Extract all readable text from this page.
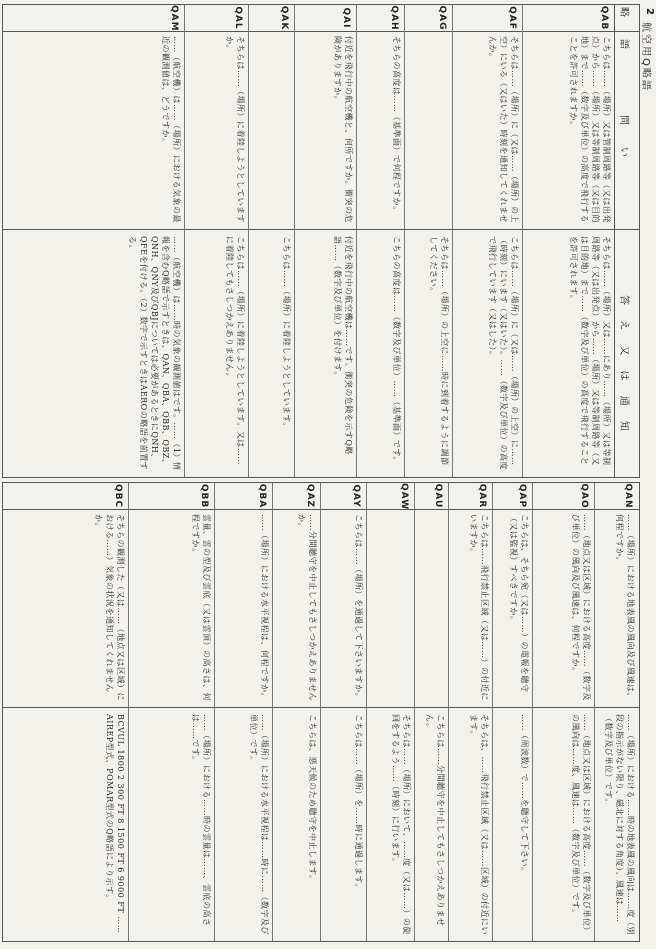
2
航空用Q略語
略　語
問　い
答 え 又 は 通 知
QAB
こちらは……（場所）又は管制周路等（又は出発点）から……（場所）又は等制周路等（又は目的地）まで……（数字及び単位）の高度で飛行することを許可されますか。
そちらは……（場所）又は……にあり……（場所）又は等制周路等（又は出発点）から……（場所）又は等制周路等（又は目的地）まで……（数字及び単位）の高度で飛行することを許可されます。
QAF
そちらは……（場所）に（又は……（場所）の上空）にいる（又はいた）時刻を通知してくれませんか。
こちらは……（場所）に（又は……（場所）の上空）に……（時刻）にいます（又はいた）。……（数字及び単位）の高度で飛行しています（又はした）。
QAG
そちらは……（場所）の上空に……時に到着するように調節してください。
QAH
そちらの高度は……（基準面）で何程ですか。
こちらの高度は……（数字及び単位）……（基準面）です。
QAI
付近を飛行中の航空機と、何所ですか。衝突の危険がありますか。
付近を飛行中の航空機は……です。衝突の危険を示すQ略語……（数字及び単位）を付けます。
QAK
こちらは……（場所）に着陸しようとしています。
QAL
そちらは……（場所）に着陸しようとしていますか。
こちらは……（場所）に着陸しようとしています。又は……に着陸してもさしつかえありません。
QAM
……（航空機）は……（場所）における気象の最近の観測値は、どうですか。
……（航空機）は……時の気象の観測値はです。……（1）情報を含むQ略語で示すときは、QAN、QBA、QBB、QBZ、QNH、QNY及びQBJについては必要があるときにQNH、QFEを付ける。（2）数字で示すときはAEROの略語を前置する。
QAN
……（場所）における地表風の風向及び風速は、何程ですか。
……（場所）における……時の地表風の風向は……度（別段の指示がない限り、磁北に対する角度）、風速は……（数字及び単位）です。
QAO
……（地点又は区域）における高度……（数字及び単位）の風向及び風速は、何程ですか。
……（地点又は区域）における高度……（数字及び単位）の風向は……度、風速は……（数字及び単位）です。
QAP
こちらは、そちら宛（又は……）の電報を聴守（又は監視）すべきですか。
……（周波数）で……を聴守して下さい。
QAR
こちらは……飛行禁止区域（又は……）の付近にいますか。
そちらは、……飛行禁止区域（又は……区域）の付近にいます。
QAU
こちらは……分間聴守を中止してもさしつかえありません。
QAW
そちらは……（場所）において、……度（又は……）の旋回をするよう……（時刻）に行います。
QAY
こちらは……（場所）を通過して下さいますか。
こちらは……（場所）を……時に通過します。
QAZ
……分間聴守を中止してもさしつかえありませんか。
こちらは、悪天候のため聴守を中止します。
QBA
……（場所）における水平視程は、何程ですか。
……（場所）における水平視程は……時に……（数字及び単位）です。
QBB
雲量、雲の型及び雲底（又は雲頂）の高さは、何程ですか。
……（場所）における……時の雲量は……、雲底の高さは……です。
QBC
そちらの観測した（又は……（地点又は区域）における……）気象の状況を通知してくれませんか。
BCVUL 1800 2 300 FT 8 1500 FT 6 9000 FT ……AIREP型式、POMAR型式のQ略語により示す。
